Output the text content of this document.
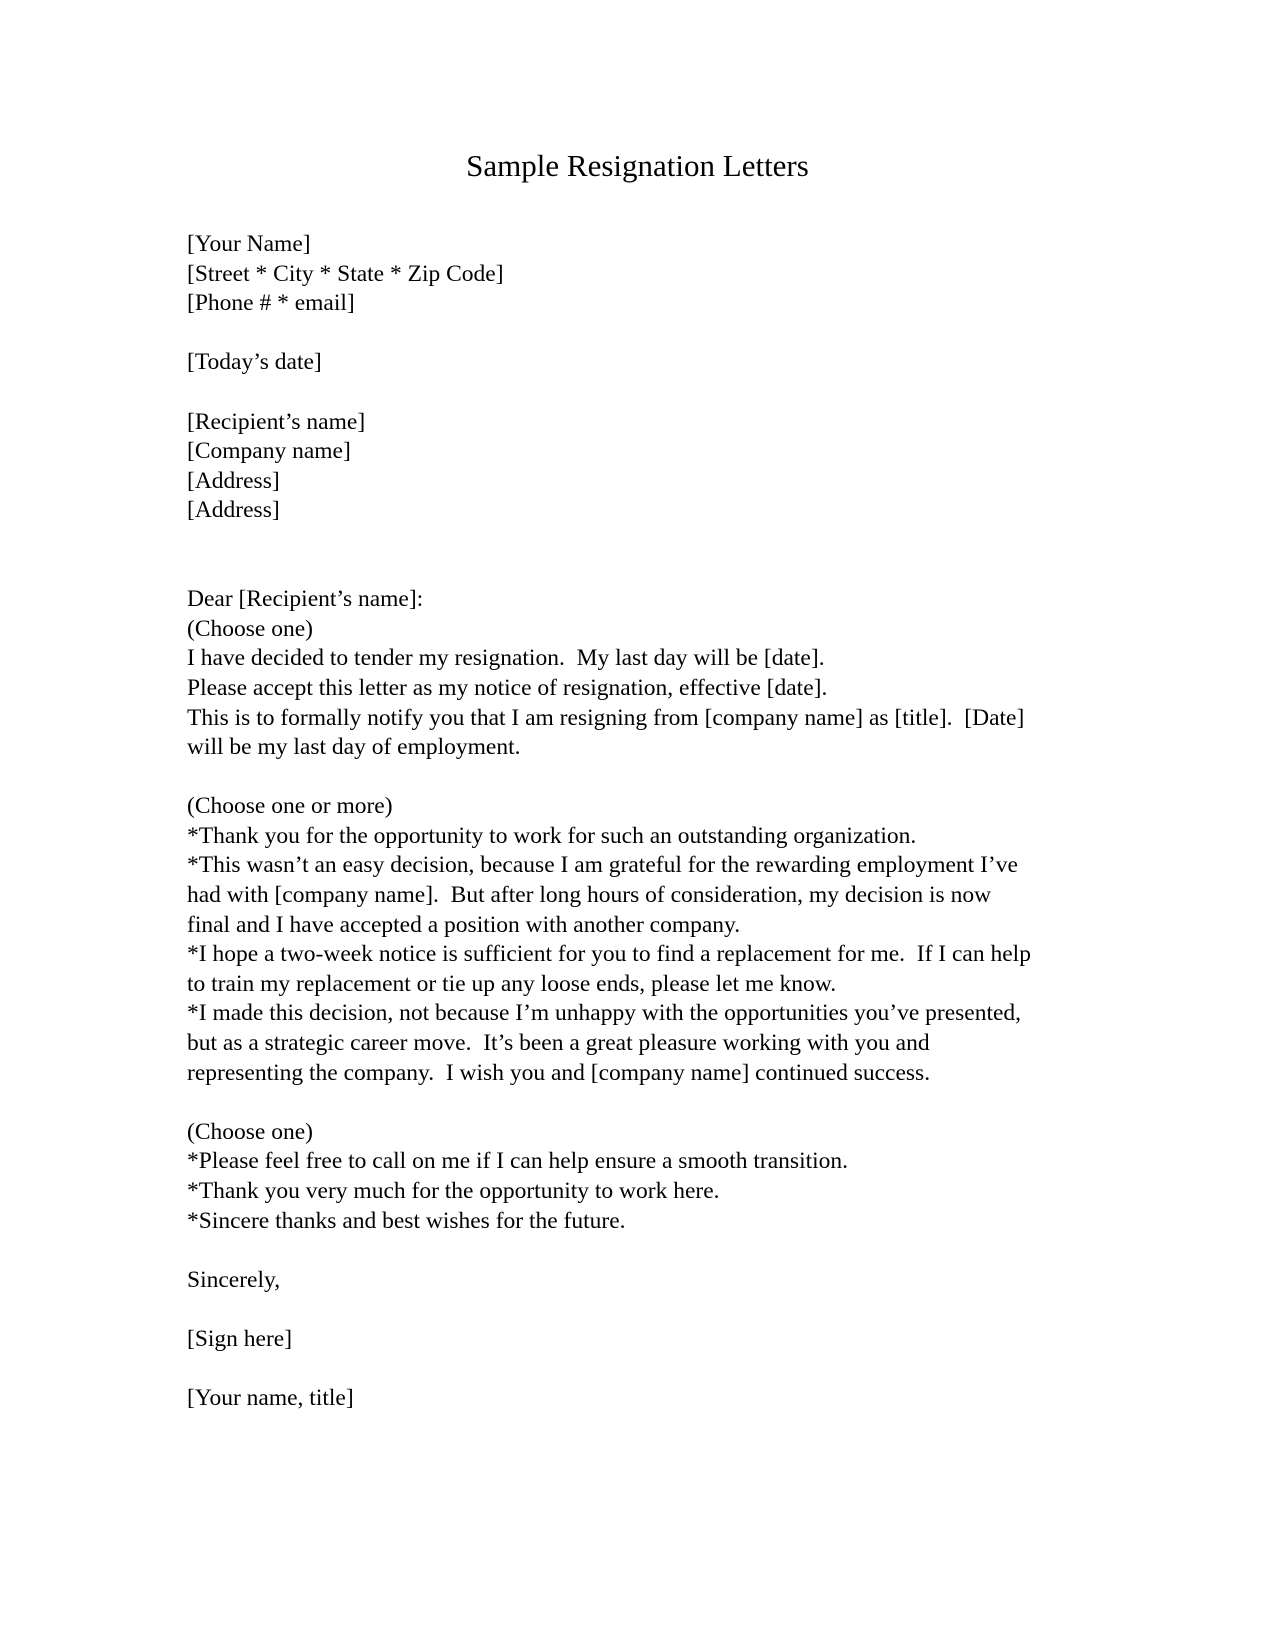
Sample Resignation Letters
[Your Name]
[Street * City * State * Zip Code]
[Phone # * email]
[Today’s date]
[Recipient’s name]
[Company name]
[Address]
[Address]
Dear [Recipient’s name]:
(Choose one)
I have decided to tender my resignation.  My last day will be [date].
Please accept this letter as my notice of resignation, effective [date].
This is to formally notify you that I am resigning from [company name] as [title].  [Date]
will be my last day of employment.
(Choose one or more)
*Thank you for the opportunity to work for such an outstanding organization.
*This wasn’t an easy decision, because I am grateful for the rewarding employment I’ve
had with [company name].  But after long hours of consideration, my decision is now
final and I have accepted a position with another company.
*I hope a two-week notice is sufficient for you to find a replacement for me.  If I can help
to train my replacement or tie up any loose ends, please let me know.
*I made this decision, not because I’m unhappy with the opportunities you’ve presented,
but as a strategic career move.  It’s been a great pleasure working with you and
representing the company.  I wish you and [company name] continued success.
(Choose one)
*Please feel free to call on me if I can help ensure a smooth transition.
*Thank you very much for the opportunity to work here.
*Sincere thanks and best wishes for the future.
Sincerely,
[Sign here]
[Your name, title]
